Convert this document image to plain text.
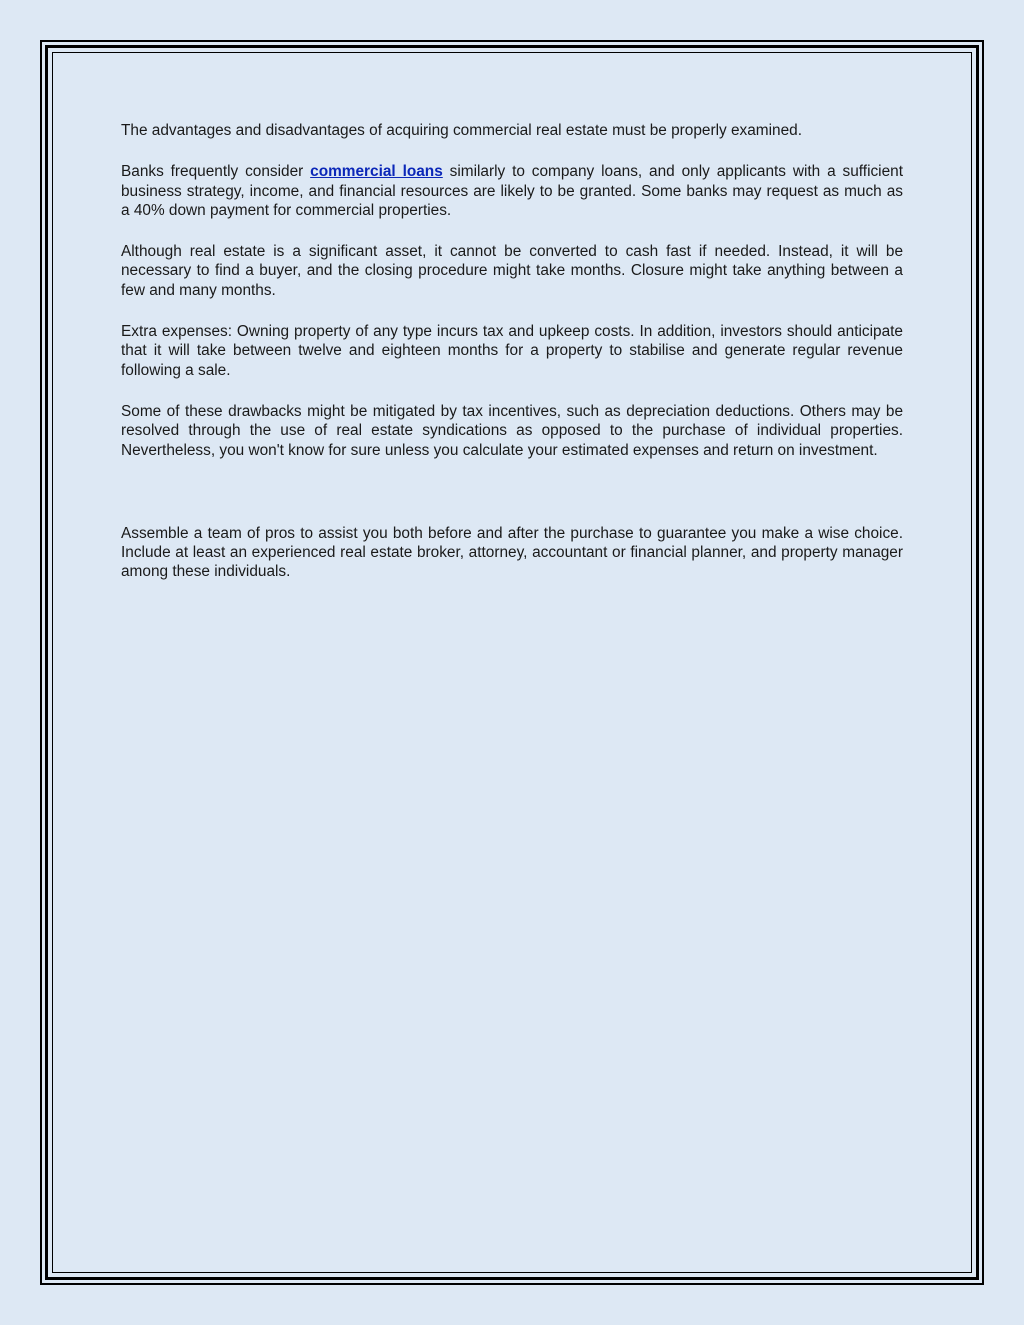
The advantages and disadvantages of acquiring commercial real estate must be properly examined.

Banks frequently consider commercial loans similarly to company loans, and only applicants with a sufficient business strategy, income, and financial resources are likely to be granted. Some banks may request as much as a 40% down payment for commercial properties.

Although real estate is a significant asset, it cannot be converted to cash fast if needed. Instead, it will be necessary to find a buyer, and the closing procedure might take months. Closure might take anything between a few and many months.

Extra expenses: Owning property of any type incurs tax and upkeep costs. In addition, investors should anticipate that it will take between twelve and eighteen months for a property to stabilise and generate regular revenue following a sale.

Some of these drawbacks might be mitigated by tax incentives, such as depreciation deductions. Others may be resolved through the use of real estate syndications as opposed to the purchase of individual properties. Nevertheless, you won't know for sure unless you calculate your estimated expenses and return on investment.

Assemble a team of pros to assist you both before and after the purchase to guarantee you make a wise choice. Include at least an experienced real estate broker, attorney, accountant or financial planner, and property manager among these individuals.
